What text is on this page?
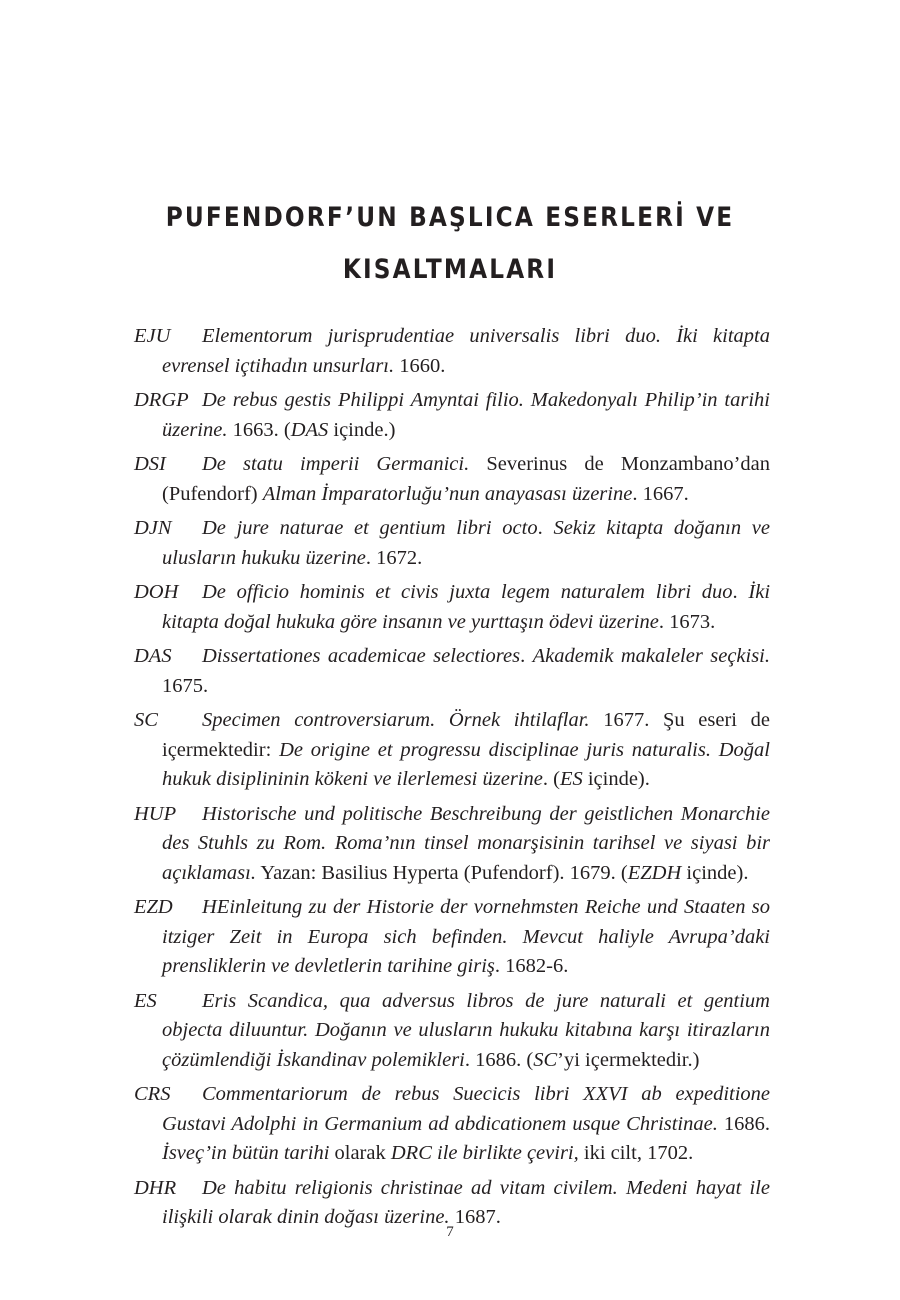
PUFENDORF’UN BAŞLICA ESERLERİ VE
KISALTMALARI
EJU Elementorum jurisprudentiae universalis libri duo. İki kitapta evrensel içtihadın unsurları. 1660.
DRGP De rebus gestis Philippi Amyntai filio. Makedonyalı Philip’in tarihi üzerine. 1663. (DAS içinde.)
DSI De statu imperii Germanici. Severinus de Monzambano’dan (Pufendorf) Alman İmparatorluğu’nun anayasası üzerine. 1667.
DJN De jure naturae et gentium libri octo. Sekiz kitapta doğanın ve ulusların hukuku üzerine. 1672.
DOH De officio hominis et civis juxta legem naturalem libri duo. İki kitapta doğal hukuka göre insanın ve yurttaşın ödevi üzerine. 1673.
DAS Dissertationes academicae selectiores. Akademik makaleler seçkisi. 1675.
SC Specimen controversiarum. Örnek ihtilaflar. 1677. Şu eseri de içermektedir: De origine et progressu disciplinae juris naturalis. Doğal hukuk disiplininin kökeni ve ilerlemesi üzerine. (ES içinde).
HUP Historische und politische Beschreibung der geistlichen Monarchie des Stuhls zu Rom. Roma’nın tinsel monarşisinin tarihsel ve siyasi bir açıklaması. Yazan: Basilius Hyperta (Pufendorf). 1679. (EZDH içinde).
EZD HEinleitung zu der Historie der vornehmsten Reiche und Staaten so itziger Zeit in Europa sich befinden. Mevcut haliyle Avrupa’daki prensliklerin ve devletlerin tarihine giriş. 1682-6.
ES Eris Scandica, qua adversus libros de jure naturali et gentium objecta diluuntur. Doğanın ve ulusların hukuku kitabına karşı itirazların çözümlendiği İskandinav polemikleri. 1686. (SC’yi içermektedir.)
CRS Commentariorum de rebus Suecicis libri XXVI ab expeditione Gustavi Adolphi in Germanium ad abdicationem usque Christinae. 1686. İsveç’in bütün tarihi olarak DRC ile birlikte çeviri, iki cilt, 1702.
DHR De habitu religionis christinae ad vitam civilem. Medeni hayat ile ilişkili olarak dinin doğası üzerine. 1687.
7
